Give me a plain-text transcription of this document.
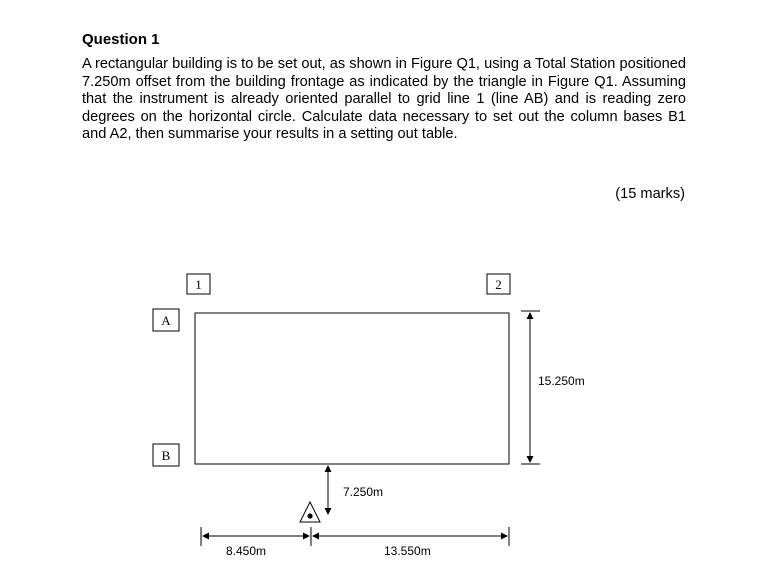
Question 1

A rectangular building is to be set out, as shown in Figure Q1, using a Total Station positioned 7.250m offset from the building frontage as indicated by the triangle in Figure Q1. Assuming that the instrument is already oriented parallel to grid line 1 (line AB) and is reading zero degrees on the horizontal circle. Calculate data necessary to set out the column bases B1 and A2, then summarise your results in a setting out table.

(15 marks)
1	2
A
B
15.250m
7.250m
8.450m	13.550m
